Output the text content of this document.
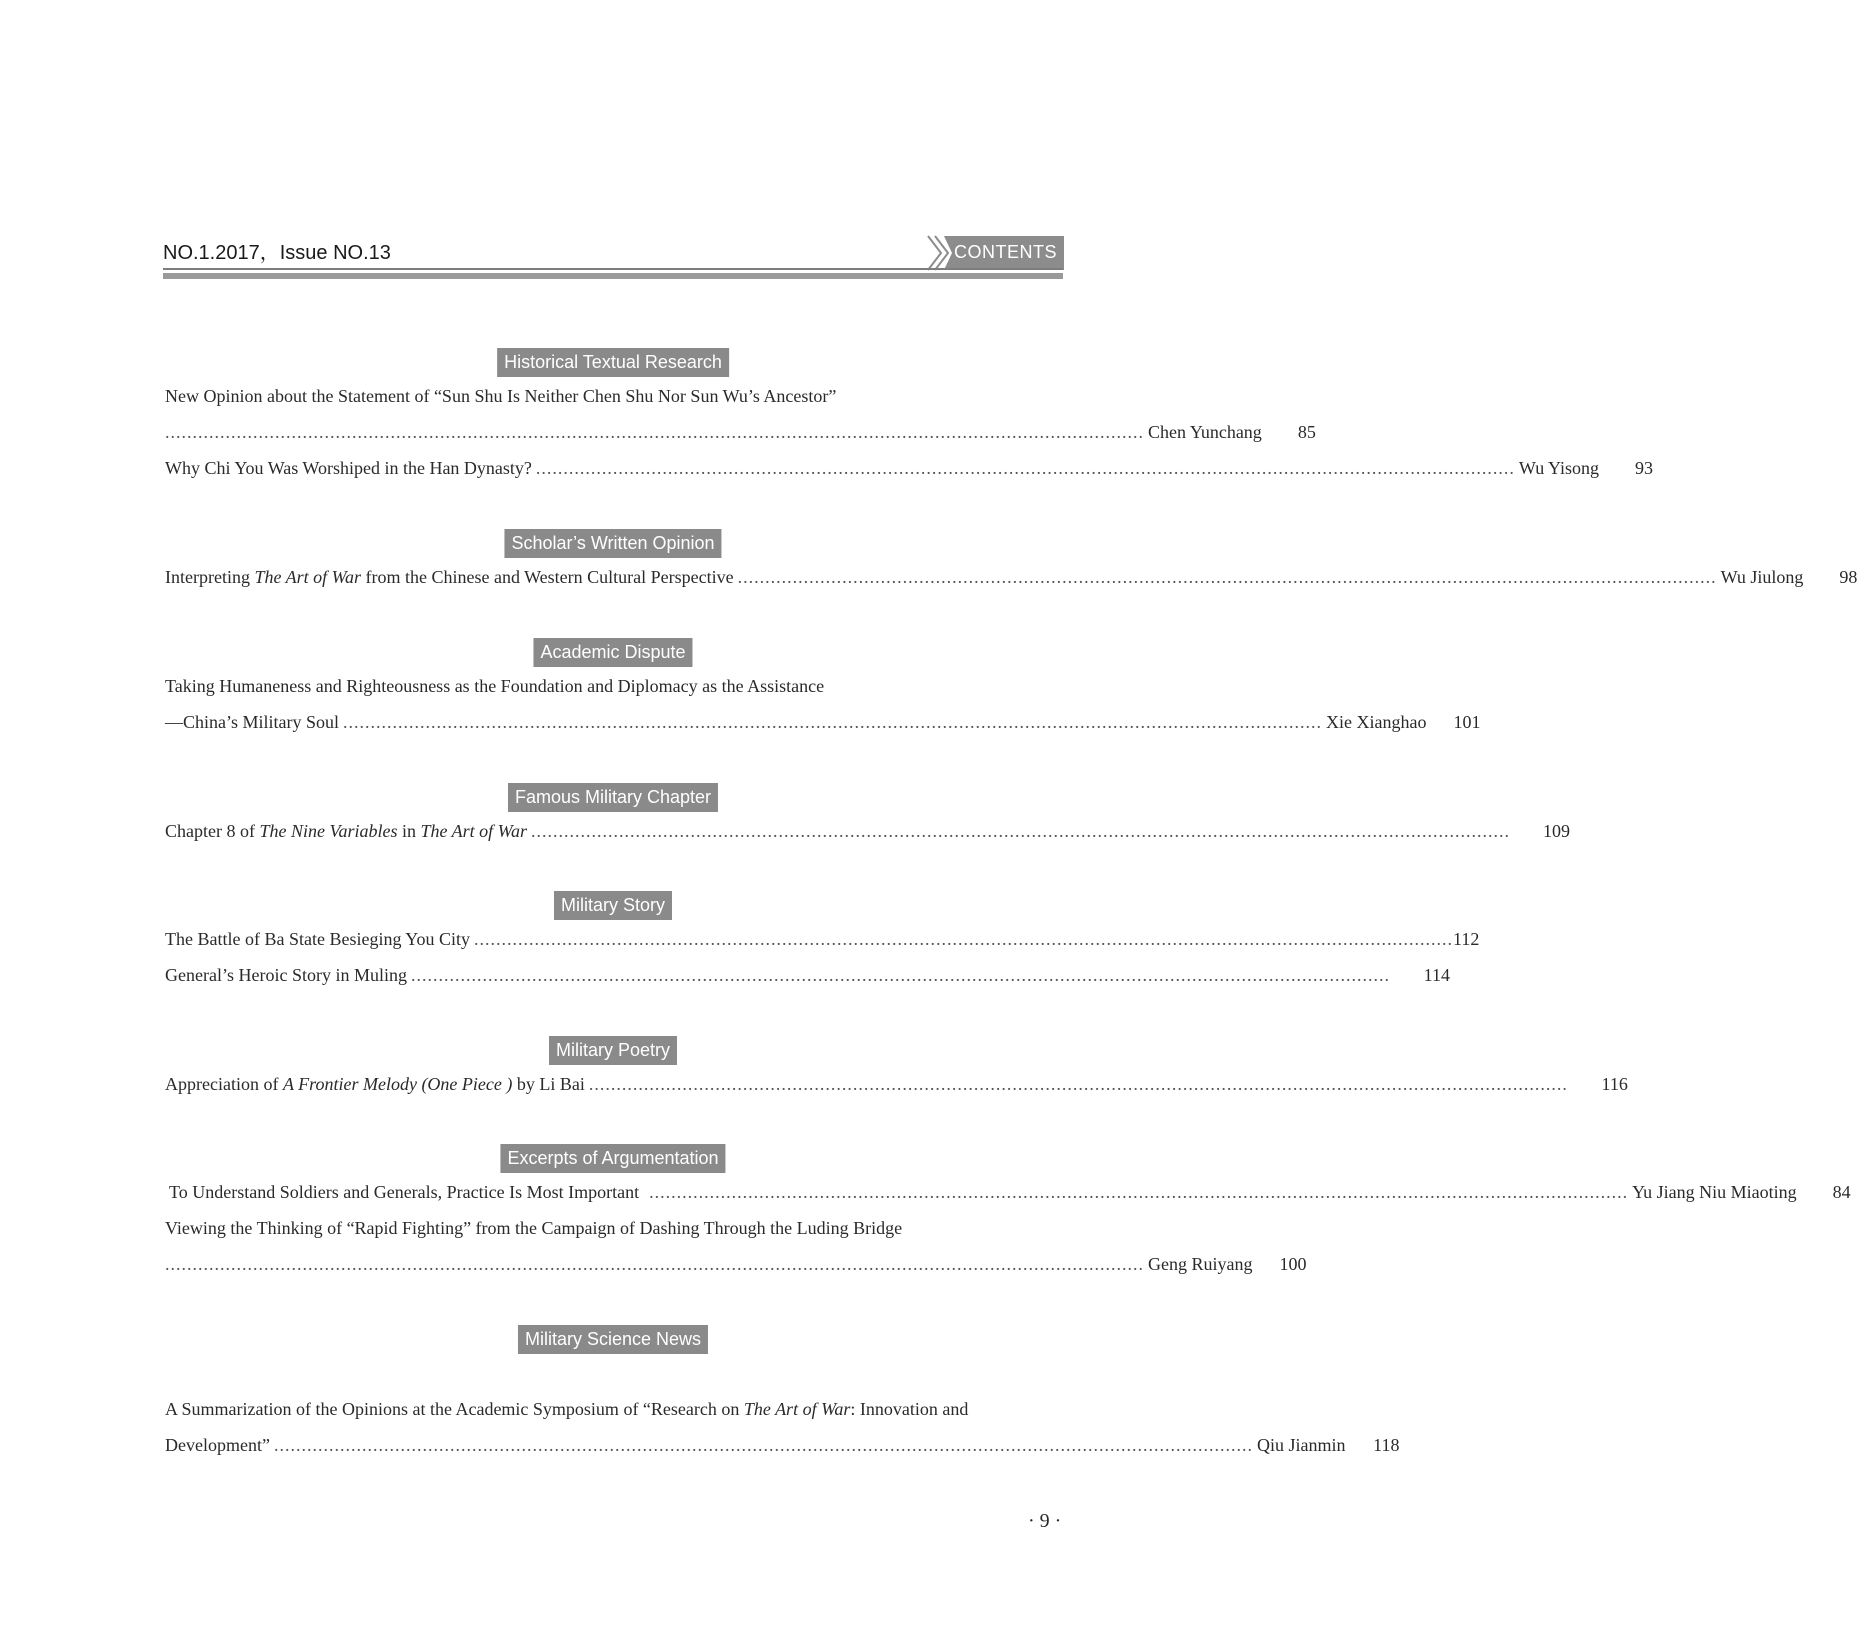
NO.1.2017，Issue NO.13	CONTENTS
Historical Textual Research
New Opinion about the Statement of “Sun Shu Is Neither Chen Shu Nor Sun Wu’s Ancestor”
.................................................................................................................................................................................. Chen Yunchang	85
Why Chi You Was Worshiped in the Han Dynasty? .................................................................................................................................................................................. Wu Yisong	93
Scholar’s Written Opinion
Interpreting The Art of War from the Chinese and Western Cultural Perspective .................................................................................................................................................................................. Wu Jiulong	98
Academic Dispute
Taking Humaneness and Righteousness as the Foundation and Diplomacy as the Assistance
—China’s Military Soul .................................................................................................................................................................................. Xie Xianghao	101
Famous Military Chapter
Chapter 8 of The Nine Variables in The Art of War ..................................................................................................................................................................................	109
Military Story
The Battle of Ba State Besieging You City .................................................................................................................................................................................. 112
General’s Heroic Story in Muling ..................................................................................................................................................................................	114
Military Poetry
Appreciation of A Frontier Melody (One Piece ) by Li Bai ..................................................................................................................................................................................	116
Excerpts of Argumentation
To Understand Soldiers and Generals, Practice Is Most Important .................................................................................................................................................................................. Yu Jiang Niu Miaoting	84
Viewing the Thinking of “Rapid Fighting” from the Campaign of Dashing Through the Luding Bridge
.................................................................................................................................................................................. Geng Ruiyang	100
Military Science News
A Summarization of the Opinions at the Academic Symposium of “Research on The Art of War: Innovation and
Development” .................................................................................................................................................................................. Qiu Jianmin	118
· 9 ·
